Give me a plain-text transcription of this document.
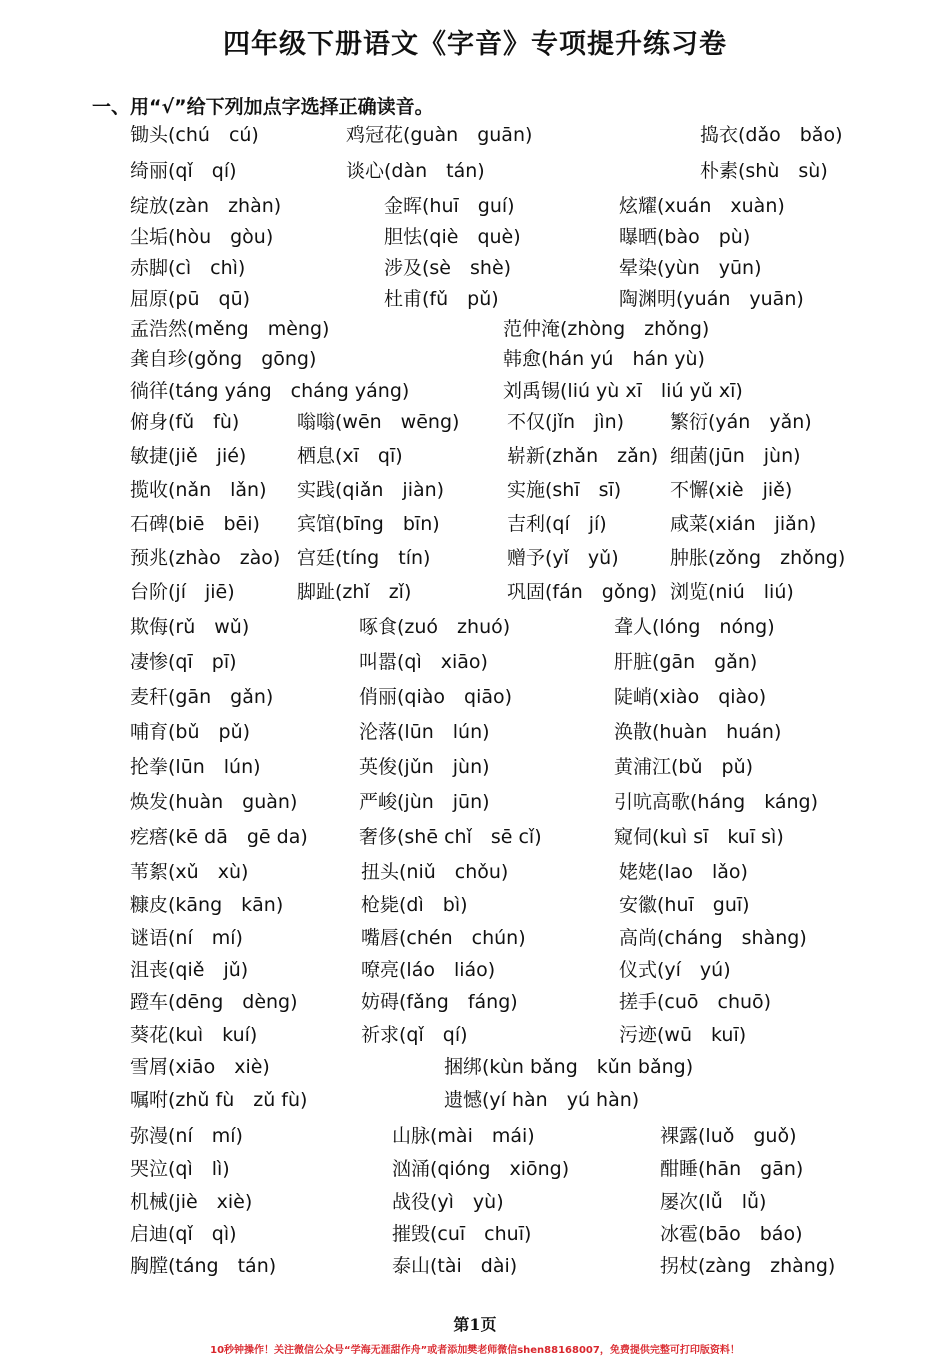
四年级下册语文《字音》专项提升练习卷
一、用“√”给下列加点字选择正确读音。
锄头(chú　cú)	鸡冠花(guàn　guān)	捣衣(dǎo　bǎo)
绮丽(qǐ　qí)	谈心(dàn　tán)	朴素(shù　sù)
绽放(zàn　zhàn)	金晖(huī　guí)	炫耀(xuán　xuàn)
尘垢(hòu　gòu)	胆怯(qiè　què)	曝晒(bào　pù)
赤脚(cì　chì)	涉及(sè　shè)	晕染(yùn　yūn)
屈原(pū　qū)	杜甫(fǔ　pǔ)	陶渊明(yuán　yuān)
孟浩然(měng　mèng)	范仲淹(zhòng　zhǒng)
龚自珍(gǒng　gōng)	韩愈(hán yú　hán yù)
徜徉(táng yáng　cháng yáng)	刘禹锡(liú yù xī　liú yǔ xī)
俯身(fǔ　fù)	嗡嗡(wēn　wēng)	不仅(jǐn　jìn) 繁衍(yán　yǎn)
敏捷(jiě　jié)	栖息(xī　qī)	崭新(zhǎn　zǎn) 细菌(jūn　jùn)
揽收(nǎn　lǎn) 实践(qiǎn　jiàn)	实施(shī　sī)	不懈(xiè　jiě)
石碑(biē　bēi) 宾馆(bīng　bīn)	吉利(qí　jí)	咸菜(xián　jiǎn)
预兆(zhào　zào) 宫廷(tíng　tín)	赠予(yǐ　yǔ)	肿胀(zǒng　zhǒng)
台阶(jí　jiē)	脚趾(zhǐ　zǐ)	巩固(fán　gǒng) 浏览(niú　liú)
欺侮(rǔ　wǔ)	啄食(zuó　zhuó)	聋人(lóng　nóng)
凄惨(qī　pī)	叫嚣(qì　xiāo)	肝脏(gān　gǎn)
麦秆(gān　gǎn)	俏丽(qiào　qiāo)	陡峭(xiào　qiào)
哺育(bǔ　pǔ)	沦落(lūn　lún)	涣散(huàn　huán)
抡拳(lūn　lún)	英俊(jǔn　jùn)	黄浦江(bǔ　pǔ)
焕发(huàn　guàn)	严峻(jùn　jūn)	引吭高歌(háng　káng)
疙瘩(kē dā　gē da)	奢侈(shē chǐ　sē cǐ)	窥伺(kuì sī　kuī sì)
苇絮(xǔ　xù)	扭头(niǔ　chǒu)	姥姥(lao　lǎo)
糠皮(kāng　kān)	枪毙(dì　bì)	安徽(huī　guī)
谜语(ní　mí)	嘴唇(chén　chún)	高尚(cháng　shàng)
沮丧(qiě　jǔ)	嘹亮(láo　liáo)	仪式(yí　yú)
蹬车(dēng　dèng)	妨碍(fǎng　fáng)	搓手(cuō　chuō)
葵花(kuì　kuí)	祈求(qǐ　qí)	污迹(wū　kuī)
雪屑(xiāo　xiè)	捆绑(kùn bǎng　kǔn bǎng)
嘱咐(zhǔ fù　zǔ fù)	遗憾(yí hàn　yú hàn)
弥漫(ní　mí)	山脉(mài　mái)	裸露(luǒ　guǒ)
哭泣(qì　lì)	汹涌(qióng　xiōng)	酣睡(hān　gān)
机械(jiè　xiè)	战役(yì　yù)	屡次(lǚ　lǚ)
启迪(qǐ　qì)	摧毁(cuī　chuī)	冰雹(bāo　báo)
胸膛(táng　tán)	泰山(tài　dài)	拐杖(zàng　zhàng)
第1页
10秒钟操作！关注微信公众号“学海无涯甜作舟”或者添加樊老师微信shen88168007，免费提供完整可打印版资料！
